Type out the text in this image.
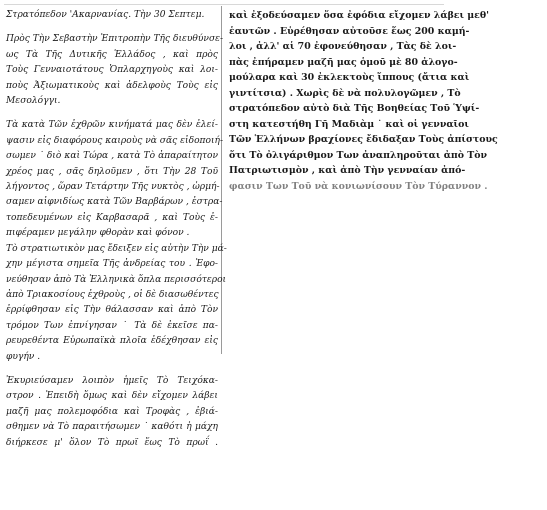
Στρατόπεδον 'Ακαρνανίας. Τὴν 30 Σεπτεμ.
Πρὸς Τὴν Σεβαστὴν Ἐπιτροπὴν Τῆς διευθύνσε-
ως Τὰ Τῆς Δυτικῆς Ἑλλάδος , καὶ πρὸς
Τοὺς Γενναιοτάτους Ὁπλαρχηγοὺς καὶ λοι-
ποὺς Ἀξιωματικοὺς καὶ ἀδελφοὺς Τοὺς εἰς
Μεσολόγγι.
Τὰ κατὰ Τῶν ἐχθρῶν κινήματά μας δὲν ἐλεί-
ψασιν εἰς διαφόρους καιροὺς νὰ σᾶς εἰδοποιή-
σωμεν ˙ διὸ καὶ Τώρα , κατὰ Τὸ ἀπαραίτητον
χρέος μας , σᾶς δηλοῦμεν , ὅτι Τὴν 28 Τοῦ
λήγοντος , ὥραν Τετάρτην Τῆς νυκτὸς , ὡρμή-
σαμεν αἰφνιδίως κατὰ Τῶν Βαρβάρων , ἐστρα-
τοπεδευμένων εἰς Καρβασαρᾶ , καὶ Τοὺς ἐ-
πιφέραμεν μεγάλην φθορὰν καὶ φόνον .
Τὸ στρατιωτικὸν μας ἔδειξεν εἰς αὐτὴν Τὴν μά-
χην μέγιστα σημεῖα Τῆς ἀνδρείας του . Ἐφο-
νεύθησαν ἀπὸ Τὰ Ἑλληνικὰ ὅπλα περισσότεροι
ἀπὸ Τριακοσίους ἐχθροὺς , οἱ δὲ διασωθέντες
ἐρρίφθησαν εἰς Τὴν θάλασσαν καὶ ἀπὸ Τὸν
τρόμον Των ἐπνίγησαν ˙ Τὰ δὲ ἐκεῖσε πα-
ρευρεθέντα Εὐρωπαϊκὰ πλοῖα ἐδέχθησαν εἰς
φυγήν .
Ἐκυριεύσαμεν λοιπὸν ἡμεῖς Τὸ Τειχόκα-
στρον . Ἐπειδὴ ὅμως καὶ δὲν εἴχομεν λάβει
μαζῆ μας πολεμοφόδια καὶ Τροφὰς , ἐβιά-
σθημεν νὰ Τὸ παραιτήσωμεν ˙ καθότι ἡ μάχη
διήρκεσε μ' ὅλον Τὸ πρωϊ ἕως Τὸ πρωΐ .
καὶ ἐξοδεύσαμεν ὅσα ἐφόδια εἴχομεν λάβει μεθ'
ἑαυτῶν . Εὑρέθησαν αὐτοῦσε ἕως 200 καμή-
λοι , ἀλλ' αἱ 70 ἐφονεύθησαν , Τὰς δὲ λοι-
πὰς ἐπήραμεν μαζῆ μας ὁμοῦ μὲ 80 ἀλογο-
μούλαρα καὶ 30 ἐκλεκτοὺς ἵππους (ἄτια καὶ
γιντίτσια) . Χωρὶς δὲ νὰ πολυλογῶμεν , Τὸ
στρατόπεδον αὐτὸ διὰ Τῆς Βοηθείας Τοῦ Ὑψί-
στη κατεστήθη Γῆ Μαδιὰμ ˙ καὶ οἱ γενναῖοι
Τῶν Ἑλλήνων βραχίονες ἔδιδαξαν Τοὺς ἀπίστους
ὅτι Τὸ ὀλιγάριθμον Των ἀναπληροῦται ἀπὸ Τὸν
Πατριωτισμὸν , καὶ ἀπὸ Τὴν γενναίαν ἀπό-
φασιν Των Τοῦ νὰ κονιωνίσουν Τὸν Τύραννον .
